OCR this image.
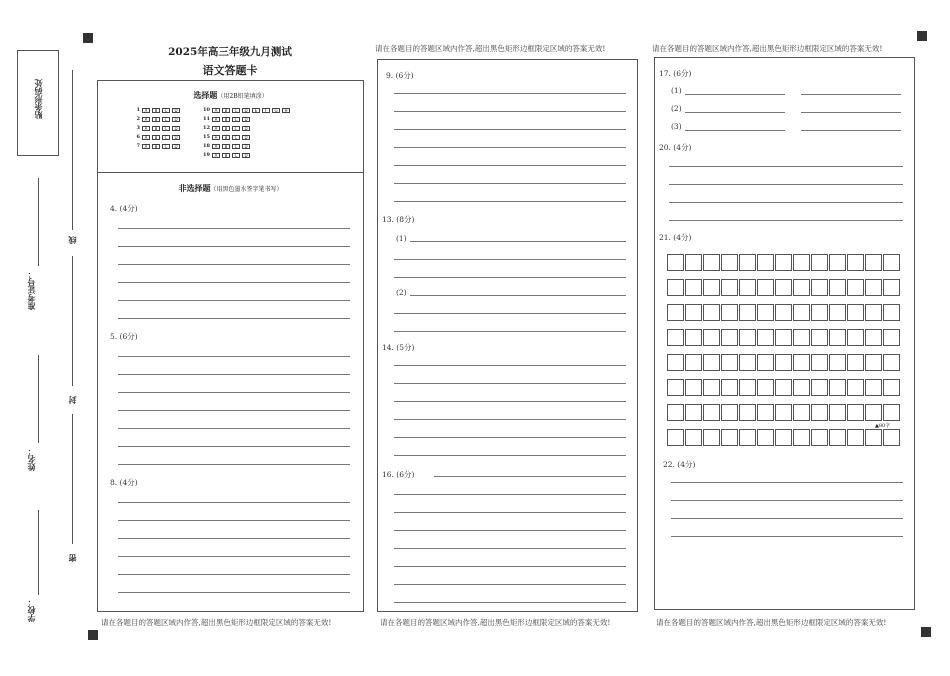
贴条形码处
准考证号：
姓名：
学校：
线
封
密
2025年高三年级九月测试
语文答题卡
选择题（用2B铅笔填涂）
1	A	B	C	D
2	A	B	C	D
3	A	B	C	D
6	A	B	C	D
7	A	B	C	D
10	A	B	C	D	E	F	G	H
11	A	B	C	D
12	A	B	C	D
15	A	B	C	D
18	A	B	C	D
19	A	B	C	D
非选择题（用黑色墨水签字笔书写）
4. (4分)
5. (6分)
8. (4分)
请在各题目的答题区域内作答,超出黑色矩形边框限定区域的答案无效!
请在各题目的答题区域内作答,超出黑色矩形边框限定区域的答案无效!
9. (6分)
13. (8分)
(1)
(2)
14. (5分)
16. (6分)
请在各题目的答题区域内作答,超出黑色矩形边框限定区域的答案无效!
请在各题目的答题区域内作答,超出黑色矩形边框限定区域的答案无效!
17. (6分)
(1)
(2)
(3)
20. (4分)
21. (4分)
▲80字
22. (4分)
请在各题目的答题区域内作答,超出黑色矩形边框限定区域的答案无效!
